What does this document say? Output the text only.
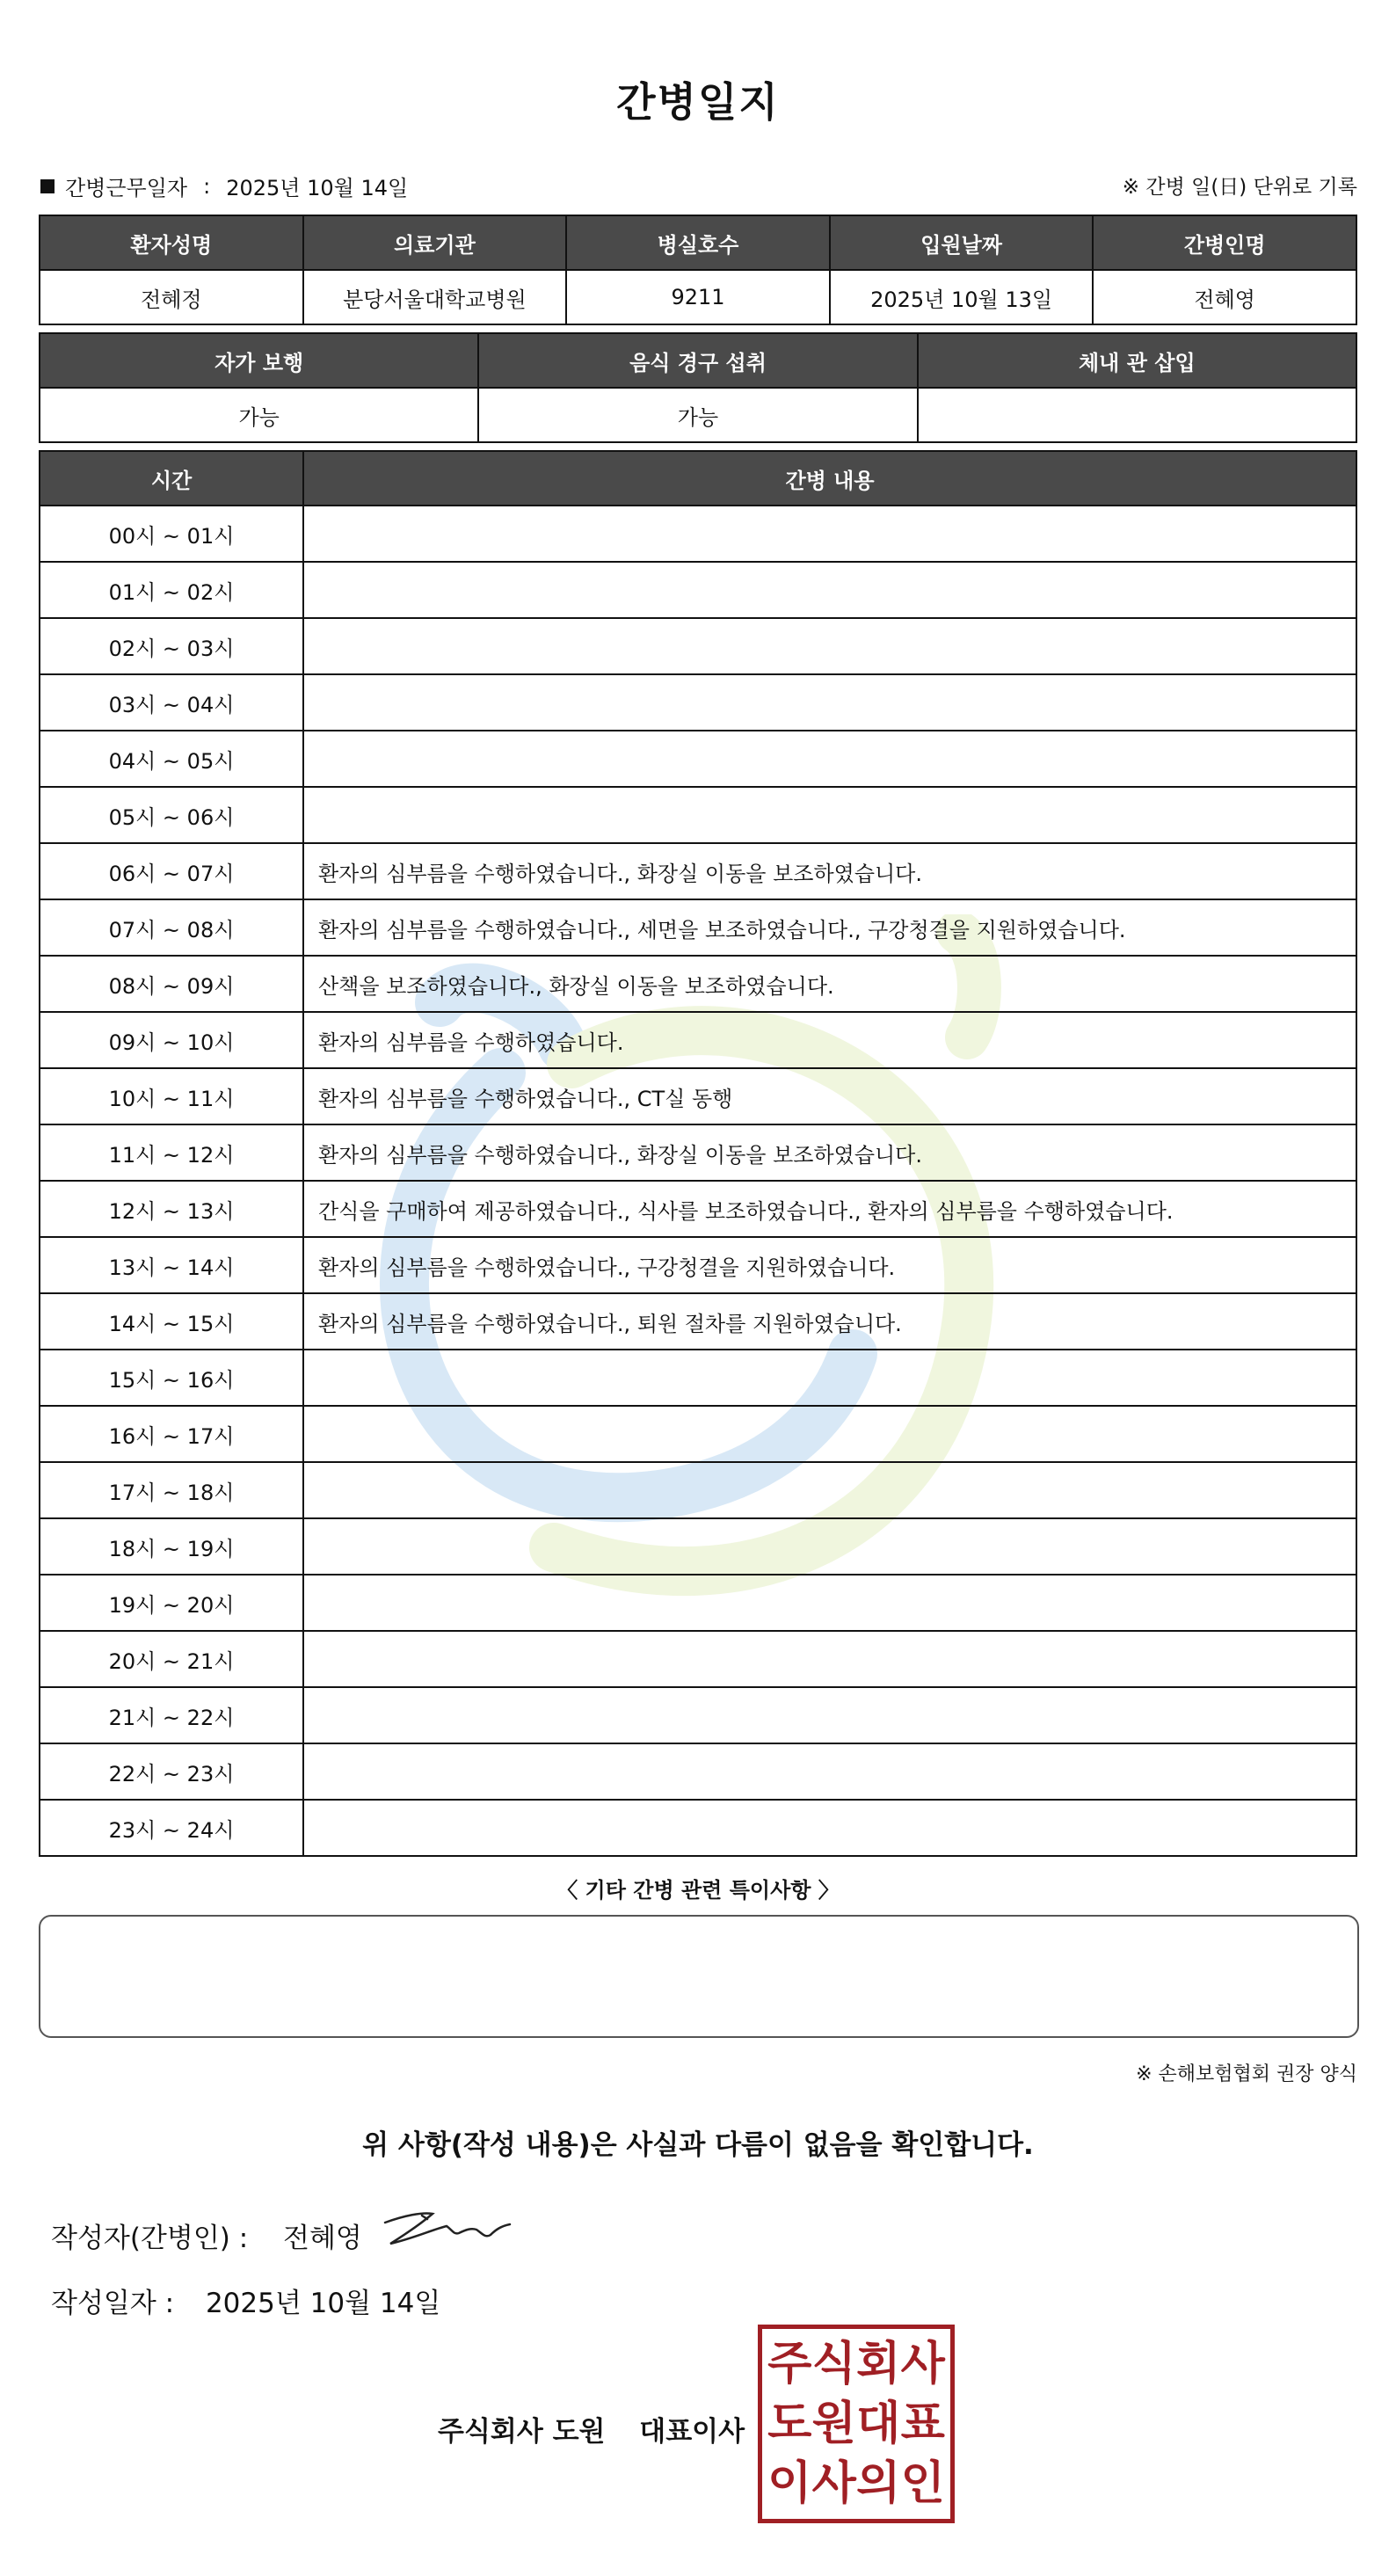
간병일지
간병근무일자 : 2025년 10월 14일	※ 간병 일(日) 단위로 기록
환자성명	의료기관	병실호수	입원날짜	간병인명
전혜정	분당서울대학교병원	9211	2025년 10월 13일	전혜영
자가 보행	음식 경구 섭취	체내 관 삽입
가능	가능	
시간	간병 내용
00시 ~ 01시	
01시 ~ 02시	
02시 ~ 03시	
03시 ~ 04시	
04시 ~ 05시	
05시 ~ 06시	
06시 ~ 07시	환자의 심부름을 수행하였습니다., 화장실 이동을 보조하였습니다.
07시 ~ 08시	환자의 심부름을 수행하였습니다., 세면을 보조하였습니다., 구강청결을 지원하였습니다.
08시 ~ 09시	산책을 보조하였습니다., 화장실 이동을 보조하였습니다.
09시 ~ 10시	환자의 심부름을 수행하였습니다.
10시 ~ 11시	환자의 심부름을 수행하였습니다., CT실 동행
11시 ~ 12시	환자의 심부름을 수행하였습니다., 화장실 이동을 보조하였습니다.
12시 ~ 13시	간식을 구매하여 제공하였습니다., 식사를 보조하였습니다., 환자의 심부름을 수행하였습니다.
13시 ~ 14시	환자의 심부름을 수행하였습니다., 구강청결을 지원하였습니다.
14시 ~ 15시	환자의 심부름을 수행하였습니다., 퇴원 절차를 지원하였습니다.
15시 ~ 16시	
16시 ~ 17시	
17시 ~ 18시	
18시 ~ 19시	
19시 ~ 20시	
20시 ~ 21시	
21시 ~ 22시	
22시 ~ 23시	
23시 ~ 24시	
〈 기타 간병 관련 특이사항 〉
※ 손해보험협회 권장 양식
위 사항(작성 내용)은 사실과 다름이 없음을 확인합니다.
작성자(간병인) : 전혜영
작성일자 : 2025년 10월 14일
주식회사 도원 대표이사
주 식 회 사
도 원 대 표
이 사 의 인
